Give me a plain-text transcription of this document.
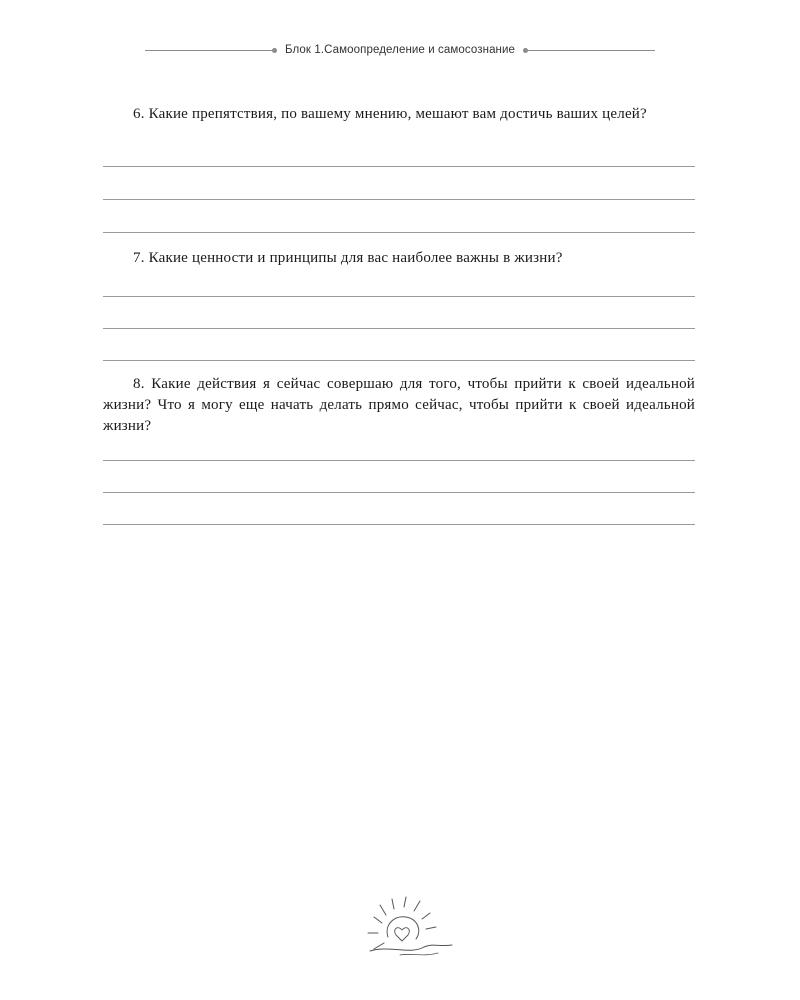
Блок 1.Самоопределение и самосознание

6. Какие препятствия, по вашему мнению, мешают вам достичь ваших целей?

7. Какие ценности и принципы для вас наиболее важны в жизни?

8. Какие действия я сейчас совершаю для того, чтобы прийти к своей идеальной жизни? Что я могу еще начать делать прямо сейчас, чтобы прийти к своей идеальной жизни?
